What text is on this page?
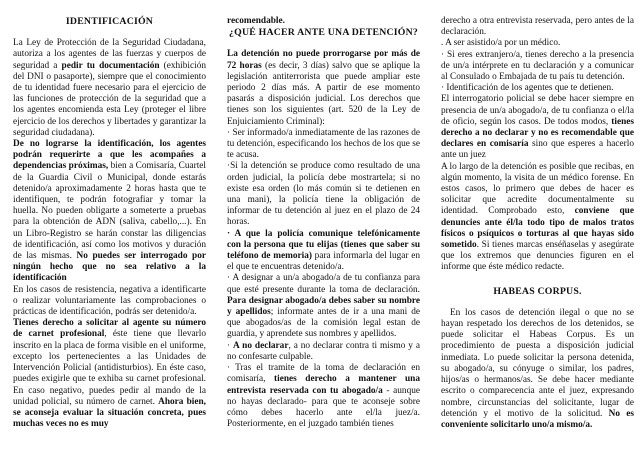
IDENTIFICACIÓN

La Ley de Protección de la Seguridad Ciudadana, autoriza a los agentes de las fuerzas y cuerpos de seguridad a pedir tu documentación (exhibición del DNI o pasaporte), siempre que el conocimiento de tu identidad fuere necesario para el ejercicio de las funciones de protección de la seguridad que a los agentes encomienda esta Ley (proteger el libre ejercicio de los derechos y libertades y garantizar la seguridad ciudadana).

De no lograrse la identificación, los agentes podrán requerirte a que les acompañes a dependencias próximas, bien a Comisaría, Cuartel de la Guardia Civil o Municipal, donde estarás detenido/a aproximadamente 2 horas hasta que te identifiquen, te podrán fotografiar y tomar la huella. No pueden obligarte a someterte a pruebas para la obtención de ADN (saliva, cabello,...). En un Libro-Registro se harán constar las diligencias de identificación, así como los motivos y duración de las mismas. No puedes ser interrogado por ningún hecho que no sea relativo a la identificación

En los casos de resistencia, negativa a identificarte o realizar voluntariamente las comprobaciones o prácticas de identificación, podrás ser detenido/a.

Tienes derecho a solicitar al agente su número de carnet profesional, éste tiene que llevarlo inscrito en la placa de forma visible en el uniforme, excepto los pertenecientes a las Unidades de Intervención Policial (antidisturbios). En éste caso, puedes exigirle que te exhiba su carnet profesional. En caso negativo, puedes pedir al mando de la unidad policial, su número de carnet. Ahora bien, se aconseja evaluar la situación concreta, pues muchas veces no es muy

recomendable.

¿QUÉ HACER ANTE UNA DETENCIÓN?

La detención no puede prorrogarse por más de 72 horas (es decir, 3 días) salvo que se aplique la legislación antiterrorista que puede ampliar este periodo 2 días más. A partir de ese momento pasarás a disposición judicial. Los derechos que tienes son los siguientes (art. 520 de la Ley de Enjuiciamiento Criminal):

· Ser informado/a inmediatamente de las razones de tu detención, especificando los hechos de los que se te acusa.

·Si la detención se produce como resultado de una orden judicial, la policía debe mostrartela; si no existe esa orden (lo más común si te detienen en una mani), la policía tiene la obligación de informar de tu detención al juez en el plazo de 24 horas.

· A que la policía comunique telefónicamente con la persona que tu elijas (tienes que saber su teléfono de memoria) para informarla del lugar en el que te encuentras detenido/a.

· A designar a un/a abogado/a de tu confianza para que esté presente durante la toma de declaración. Para designar abogado/a debes saber su nombre y apellidos; informate antes de ir a una mani de que abogados/as de la comisión legal estan de guardia, y aprendete sus nombres y apellidos.

· A no declarar, a no declarar contra ti mismo y a no confesarte culpable.

· Tras el tramite de la toma de declaración en comisaría, tienes derecho a mantener una entrevista reservada con tu abogado/a - aunque no hayas declarado- para que te aconseje sobre cómo debes hacerlo ante el/la juez/a. Posteriormente, en el juzgado también tienes

derecho a otra entrevista reservada, pero antes de la declaración.

. A ser asistido/a por un médico.

· Si eres extranjero/a, tienes derecho a la presencia de un/a intérprete en tu declaración y a comunicar al Consulado o Embajada de tu país tu detención.

· Identificación de los agentes que te detienen.

El interrogatorio policial se debe hacer siempre en presencia de un/a abogado/a, de tu confianza o el/la de oficio, según los casos. De todos modos, tienes derecho a no declarar y no es recomendable que declares en comisaría sino que esperes a hacerlo ante un juez

A lo largo de la detención es posible que recibas, en algún momento, la visita de un médico forense. En estos casos, lo primero que debes de hacer es solicitar que acredite documentalmente su identidad. Comprobado esto, conviene que denuncies ante él/la todo tipo de malos tratos físicos o psíquicos o torturas al que hayas sido sometido. Si tienes marcas enséñaselas y asegúrate que los extremos que denuncies figuren en el informe que éste médico redacte.

HABEAS CORPUS.

En los casos de detención ilegal o que no se hayan respetado los derechos de los detenidos, se puede solicitar el Habeas Corpus. Es un procedimiento de puesta a disposición judicial inmediata. Lo puede solicitar la persona detenida, su abogado/a, su cónyuge o similar, los padres, hijos/as o hermanos/as. Se debe hacer mediante escrito o comparecencia ante el juez, expresando nombre, circunstancias del solicitante, lugar de detención y el motivo de la solicitud. No es conveniente solicitarlo uno/a mismo/a.
